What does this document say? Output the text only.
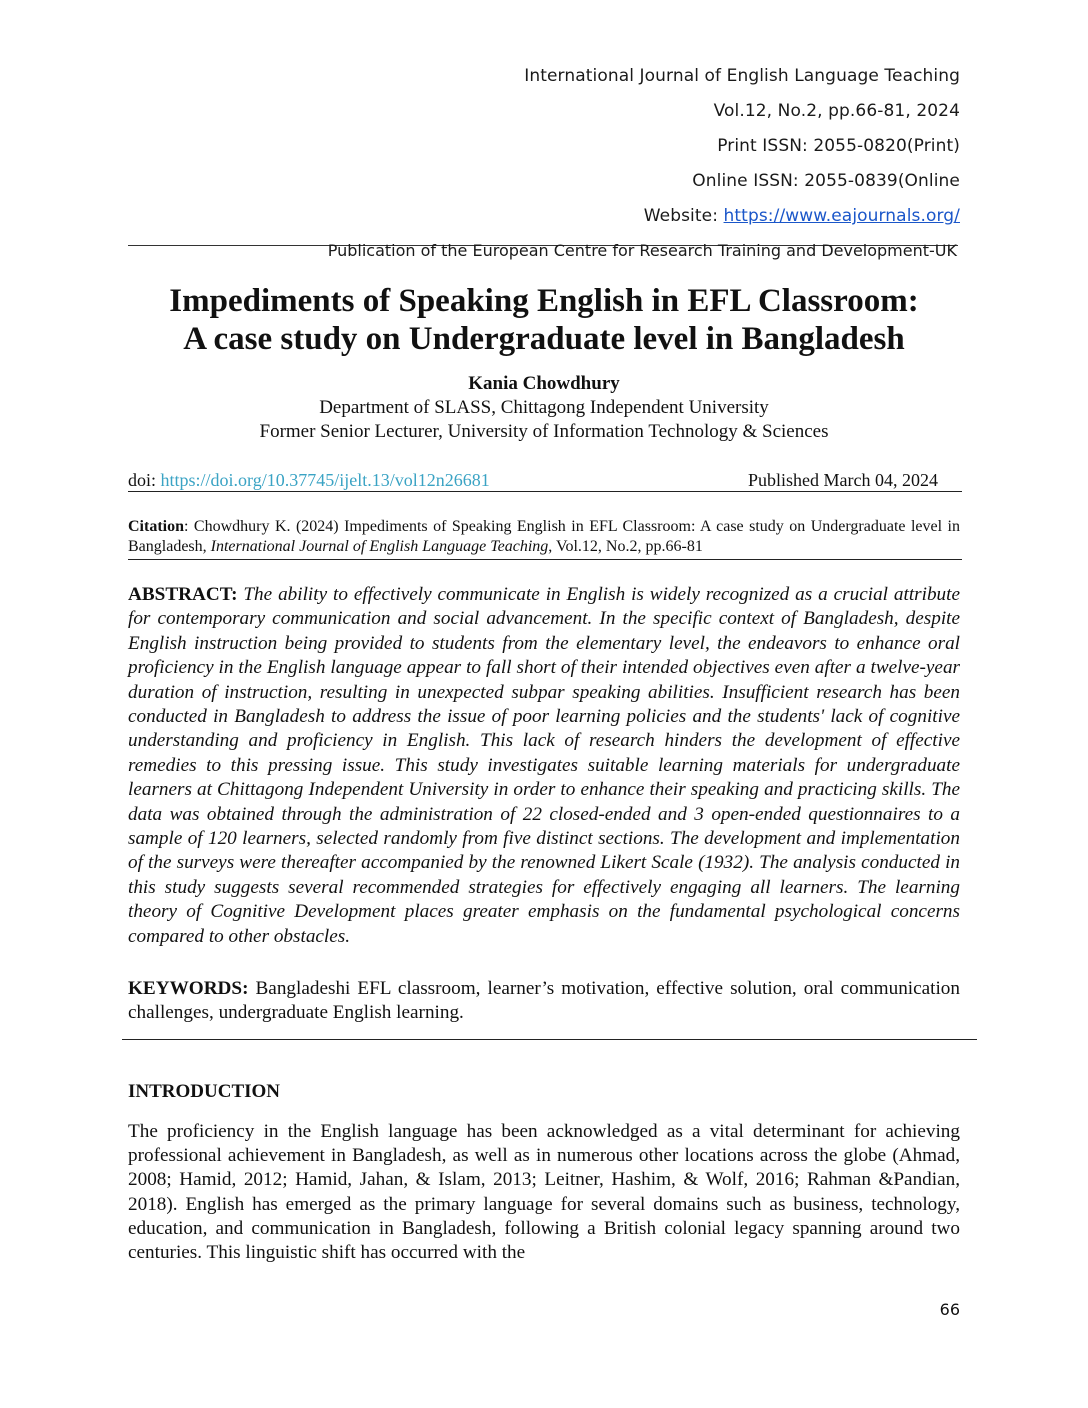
International Journal of English Language Teaching
Vol.12, No.2, pp.66-81, 2024
Print ISSN: 2055-0820(Print)
Online ISSN: 2055-0839(Online
Website: https://www.eajournals.org/
Publication of the European Centre for Research Training and Development-UK
Impediments of Speaking English in EFL Classroom:
A case study on Undergraduate level in Bangladesh
Kania Chowdhury
Department of SLASS, Chittagong Independent University
Former Senior Lecturer, University of Information Technology & Sciences
doi: https://doi.org/10.37745/ijelt.13/vol12n26681	Published March 04, 2024
Citation: Chowdhury K. (2024) Impediments of Speaking English in EFL Classroom: A case study on Undergraduate level in Bangladesh, International Journal of English Language Teaching, Vol.12, No.2, pp.66-81
ABSTRACT: The ability to effectively communicate in English is widely recognized as a crucial attribute for contemporary communication and social advancement. In the specific context of Bangladesh, despite English instruction being provided to students from the elementary level, the endeavors to enhance oral proficiency in the English language appear to fall short of their intended objectives even after a twelve-year duration of instruction, resulting in unexpected subpar speaking abilities. Insufficient research has been conducted in Bangladesh to address the issue of poor learning policies and the students' lack of cognitive understanding and proficiency in English. This lack of research hinders the development of effective remedies to this pressing issue. This study investigates suitable learning materials for undergraduate learners at Chittagong Independent University in order to enhance their speaking and practicing skills. The data was obtained through the administration of 22 closed-ended and 3 open-ended questionnaires to a sample of 120 learners, selected randomly from five distinct sections. The development and implementation of the surveys were thereafter accompanied by the renowned Likert Scale (1932). The analysis conducted in this study suggests several recommended strategies for effectively engaging all learners. The learning theory of Cognitive Development places greater emphasis on the fundamental psychological concerns compared to other obstacles.
KEYWORDS: Bangladeshi EFL classroom, learner’s motivation, effective solution, oral communication challenges, undergraduate English learning.
INTRODUCTION
The proficiency in the English language has been acknowledged as a vital determinant for achieving professional achievement in Bangladesh, as well as in numerous other locations across the globe (Ahmad, 2008; Hamid, 2012; Hamid, Jahan, & Islam, 2013; Leitner, Hashim, & Wolf, 2016; Rahman &Pandian, 2018). English has emerged as the primary language for several domains such as business, technology, education, and communication in Bangladesh, following a British colonial legacy spanning around two centuries. This linguistic shift has occurred with the
66
